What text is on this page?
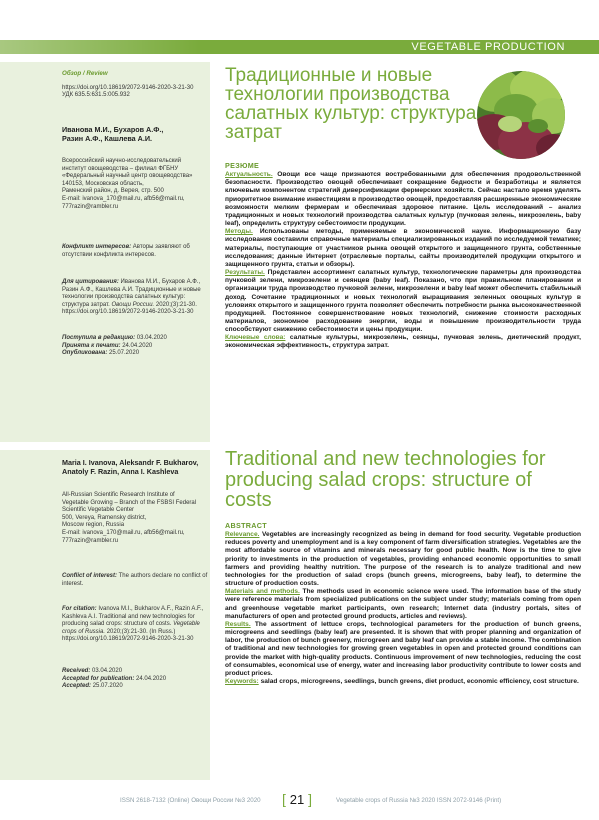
VEGETABLE PRODUCTION

Обзор / Review

https://doi.org/10.18619/2072-9146-2020-3-21-30

УДК 635.5:631.5:005.932

Иванова М.И., Бухаров А.Ф.,

Разин А.Ф., Кашлева А.И.

Всероссийский научно-исследовательский

институт овощеводства – филиал ФГБНУ

«Федеральный научный центр овощеводства»

140153, Московская область,

Раменский район, д. Верея, стр. 500

E-mail: ivanova_170@mail.ru, afb56@mail.ru,

777razin@rambler.ru

Конфликт интересов: Авторы заявляют об отсутствии конфликта интересов.

Для цитирования: Иванова М.И., Бухаров А.Ф., Разин А.Ф., Кашлева А.И. Традиционные и новые технологии производства салатных культур: структура затрат. Овощи России. 2020;(3):21-30. https://doi.org/10.18619/2072-9146-2020-3-21-30

Поступила в редакцию: 03.04.2020

Принята к печати: 24.04.2020

Опубликована: 25.07.2020

Традиционные и новые технологии производства салатных культур: структура затрат

РЕЗЮМЕ

Актуальность. Овощи все чаще признаются востребованными для обеспечения продовольственной безопасности. Производство овощей обеспечивает сокращение бедности и безработицы и является ключевым компонентом стратегий диверсификации фермерских хозяйств. Сейчас настало время уделять приоритетное внимание инвестициям в производство овощей, предоставляя расширенные экономические возможности мелким фермерам и обеспечивая здоровое питание. Цель исследований – анализ традиционных и новых технологий производства салатных культур (пучковая зелень, микрозелень, baby leaf), определить структуру себестоимости продукции.

Методы. Использованы методы, применяемые в экономической науке. Информационную базу исследования составили справочные материалы специализированных изданий по исследуемой тематике; материалы, поступающие от участников рынка овощей открытого и защищенного грунта, собственные исследования; данные Интернет (отраслевые порталы, сайты производителей продукции открытого и защищенного грунта, статьи и обзоры).

Результаты. Представлен ассортимент салатных культур, технологические параметры для производства пучковой зелени, микрозелени и сеянцев (baby leaf). Показано, что при правильном планировании и организации труда производство пучковой зелени, микрозелени и baby leaf может обеспечить стабильный доход. Сочетание традиционных и новых технологий выращивания зеленных овощных культур в условиях открытого и защищенного грунта позволяет обеспечить потребности рынка высококачественной продукцией. Постоянное совершенствование новых технологий, снижение стоимости расходных материалов, экономное расходование энергии, воды и повышение производительности труда способствуют снижению себестоимости и цены продукции.

Ключевые слова: салатные культуры, микрозелень, сеянцы, пучковая зелень, диетический продукт, экономическая эффективность, структура затрат.

Maria I. Ivanova, Aleksandr F. Bukharov,

Anatoly F. Razin, Anna I. Kashleva

All-Russian Scientific Research Institute of

Vegetable Growing – Branch of the FSBSI Federal

Scientific Vegetable Center

500, Vereya, Ramensky district,

Moscow region, Russia

E-mail: ivanova_170@mail.ru, afb56@mail.ru,

777razin@rambler.ru

Conflict of interest: The authors declare no conflict of interest.

For citation: Ivanova M.I., Bukharov A.F., Razin A.F., Kashleva A.I. Traditional and new technologies for producing salad crops: structure of costs. Vegetable crops of Russia. 2020;(3):21-30. (In Russ.) https://doi.org/10.18619/2072-9146-2020-3-21-30

Received: 03.04.2020

Accepted for publication: 24.04.2020

Accepted: 25.07.2020

Traditional and new technologies for producing salad crops: structure of costs

ABSTRACT

Relevance. Vegetables are increasingly recognized as being in demand for food security. Vegetable production reduces poverty and unemployment and is a key component of farm diversification strategies. Vegetables are the most affordable source of vitamins and minerals necessary for good public health. Now is the time to give priority to investments in the production of vegetables, providing enhanced economic opportunities to small farmers and providing healthy nutrition. The purpose of the research is to analyze traditional and new technologies for the production of salad crops (bunch greens, microgreens, baby leaf), to determine the structure of production costs.

Materials and methods. The methods used in economic science were used. The information base of the study were reference materials from specialized publications on the subject under study; materials coming from open and greenhouse vegetable market participants, own research; Internet data (industry portals, sites of manufacturers of open and protected ground products, articles and reviews).

Results. The assortment of lettuce crops, technological parameters for the production of bunch greens, microgreens and seedlings (baby leaf) are presented. It is shown that with proper planning and organization of labor, the production of bunch greenery, microgreen and baby leaf can provide a stable income. The combination of traditional and new technologies for growing green vegetables in open and protected ground conditions can provide the market with high-quality products. Continuous improvement of new technologies, reducing the cost of consumables, economical use of energy, water and increasing labor productivity contribute to lower costs and product prices.

Keywords: salad crops, microgreens, seedlings, bunch greens, diet product, economic efficiency, cost structure.

ISSN 2618-7132 (Online) Овощи России №3 2020 [ 21 ]	Vegetable crops of Russia №3 2020 ISSN 2072-9146 (Print)
